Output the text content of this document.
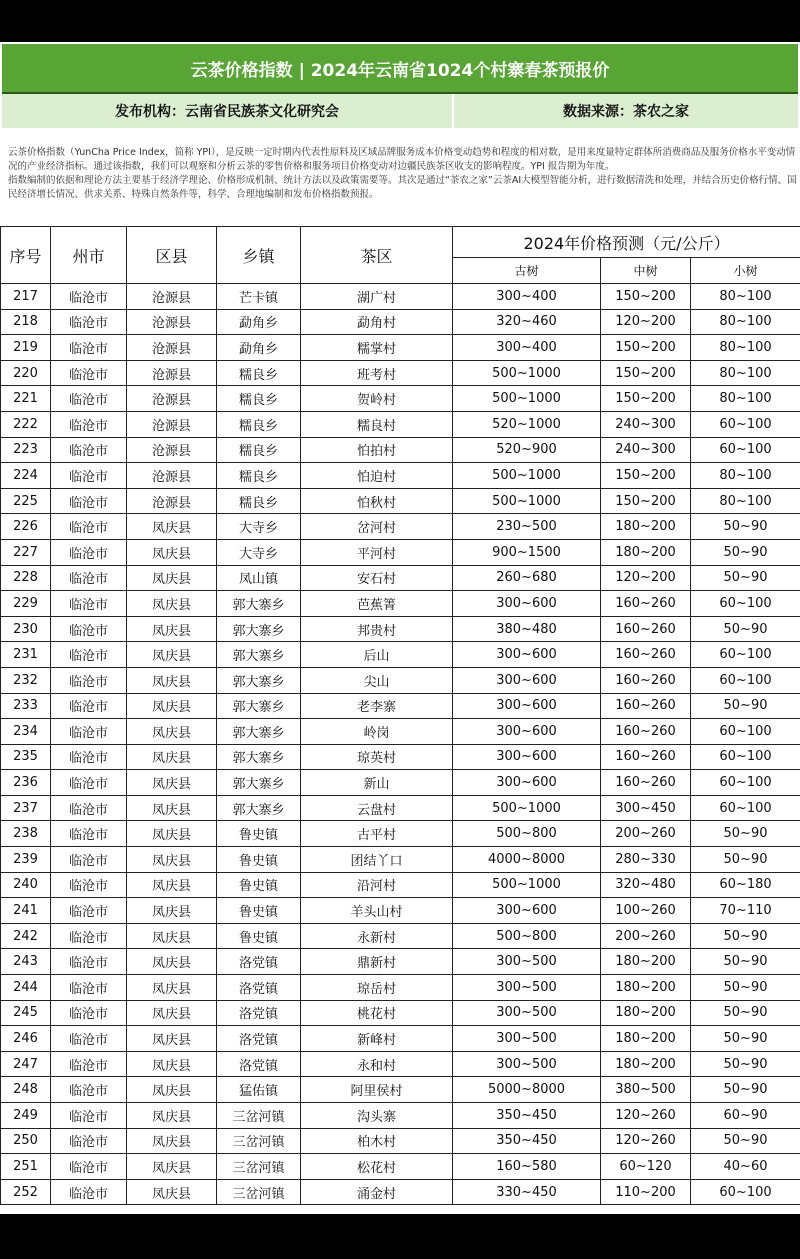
云茶价格指数 | 2024年云南省1024个村寨春茶预报价
发布机构：云南省民族茶文化研究会	数据来源：茶农之家

云茶价格指数（YunCha Price Index，简称 YPI），是反映一定时期内代表性原料及区域品牌服务成本价格变动趋势和程度的相对数，是用来度量特定群体所消费商品及服务价格水平变动情况的产业经济指标。通过该指数，我们可以观察和分析云茶的零售价格和服务项目价格变动对边疆民族茶区收支的影响程度。YPI 报告期为年度。

指数编制的依据和理论方法主要基于经济学理论、价格形成机制、统计方法以及政策需要等。其次是通过“茶农之家”云茶AI大模型智能分析，进行数据清洗和处理，并结合历史价格行情、国民经济增长情况、供求关系、特殊自然条件等，科学、合理地编制和发布价格指数预报。

序号	州市	区县	乡镇	茶区	2024年价格预测（元/公斤）		
					古树	中树	小树
217	临沧市	沧源县	芒卡镇	湖广村	300~400	150~200	80~100
218	临沧市	沧源县	勐角乡	勐角村	320~460	120~200	80~100
219	临沧市	沧源县	勐角乡	糯掌村	300~400	150~200	80~100
220	临沧市	沧源县	糯良乡	班考村	500~1000	150~200	80~100
221	临沧市	沧源县	糯良乡	贺岭村	500~1000	150~200	80~100
222	临沧市	沧源县	糯良乡	糯良村	520~1000	240~300	60~100
223	临沧市	沧源县	糯良乡	怕拍村	520~900	240~300	60~100
224	临沧市	沧源县	糯良乡	怕迫村	500~1000	150~200	80~100
225	临沧市	沧源县	糯良乡	怕秋村	500~1000	150~200	80~100
226	临沧市	凤庆县	大寺乡	岔河村	230~500	180~200	50~90
227	临沧市	凤庆县	大寺乡	平河村	900~1500	180~200	50~90
228	临沧市	凤庆县	凤山镇	安石村	260~680	120~200	50~90
229	临沧市	凤庆县	郭大寨乡	芭蕉箐	300~600	160~260	60~100
230	临沧市	凤庆县	郭大寨乡	邦贵村	380~480	160~260	50~90
231	临沧市	凤庆县	郭大寨乡	后山	300~600	160~260	60~100
232	临沧市	凤庆县	郭大寨乡	尖山	300~600	160~260	60~100
233	临沧市	凤庆县	郭大寨乡	老李寨	300~600	160~260	50~90
234	临沧市	凤庆县	郭大寨乡	岭岗	300~600	160~260	60~100
235	临沧市	凤庆县	郭大寨乡	琼英村	300~600	160~260	60~100
236	临沧市	凤庆县	郭大寨乡	新山	300~600	160~260	60~100
237	临沧市	凤庆县	郭大寨乡	云盘村	500~1000	300~450	60~100
238	临沧市	凤庆县	鲁史镇	古平村	500~800	200~260	50~90
239	临沧市	凤庆县	鲁史镇	团结丫口	4000~8000	280~330	50~90
240	临沧市	凤庆县	鲁史镇	沿河村	500~1000	320~480	60~180
241	临沧市	凤庆县	鲁史镇	羊头山村	300~600	100~260	70~110
242	临沧市	凤庆县	鲁史镇	永新村	500~800	200~260	50~90
243	临沧市	凤庆县	洛党镇	鼎新村	300~500	180~200	50~90
244	临沧市	凤庆县	洛党镇	琼岳村	300~500	180~200	50~90
245	临沧市	凤庆县	洛党镇	桃花村	300~500	180~200	50~90
246	临沧市	凤庆县	洛党镇	新峰村	300~500	180~200	50~90
247	临沧市	凤庆县	洛党镇	永和村	300~500	180~200	50~90
248	临沧市	凤庆县	猛佑镇	阿里侯村	5000~8000	380~500	50~90
249	临沧市	凤庆县	三岔河镇	沟头寨	350~450	120~260	60~90
250	临沧市	凤庆县	三岔河镇	柏木村	350~450	120~260	50~90
251	临沧市	凤庆县	三岔河镇	松花村	160~580	60~120	40~60
252	临沧市	凤庆县	三岔河镇	涌金村	330~450	110~200	60~100
